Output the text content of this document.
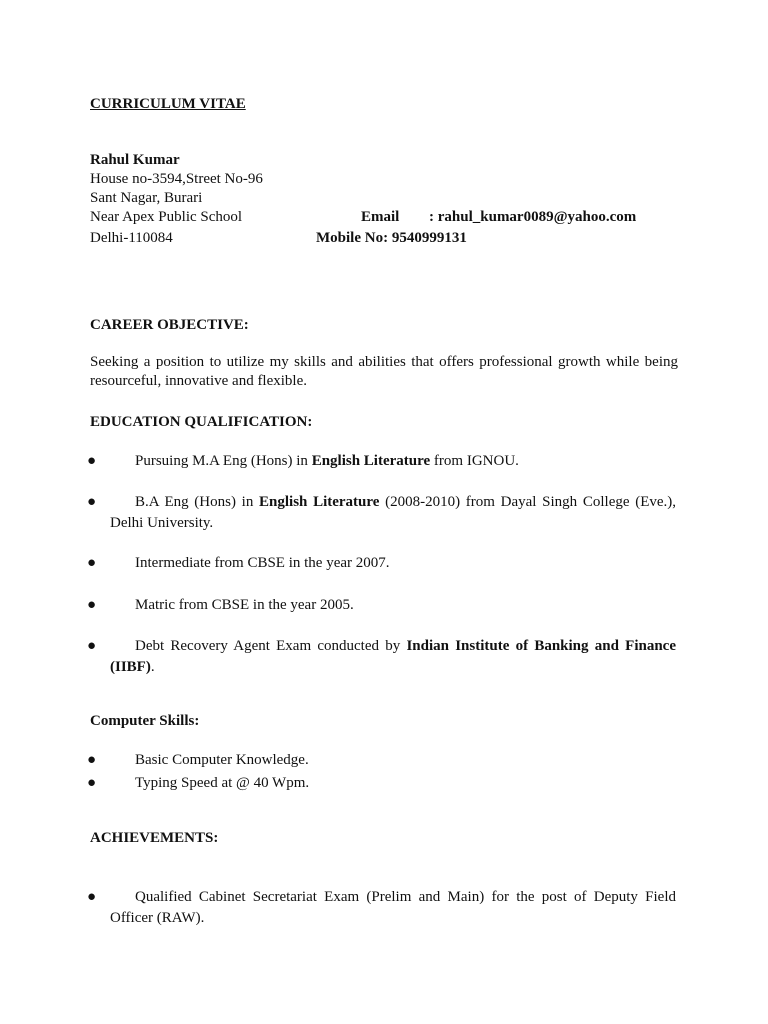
CURRICULUM VITAE
Rahul Kumar
House no-3594,Street No-96
Sant Nagar, Burari
Near Apex Public School
Delhi-110084
Email : rahul_kumar0089@yahoo.com
Mobile No: 9540999131
CAREER OBJECTIVE:
Seeking a position to utilize my skills and abilities that offers professional growth while being resourceful, innovative and flexible.
EDUCATION QUALIFICATION:
●	Pursuing M.A Eng (Hons) in English Literature from IGNOU.
●	B.A Eng (Hons) in English Literature (2008-2010) from Dayal Singh College (Eve.), Delhi University.
●	Intermediate from CBSE in the year 2007.
●	Matric from CBSE in the year 2005.
●	Debt Recovery Agent Exam conducted by Indian Institute of Banking and Finance (IIBF).
Computer Skills:
●	Basic Computer Knowledge.
●	Typing Speed at @ 40 Wpm.
ACHIEVEMENTS:
●	Qualified Cabinet Secretariat Exam (Prelim and Main) for the post of Deputy Field Officer (RAW).
